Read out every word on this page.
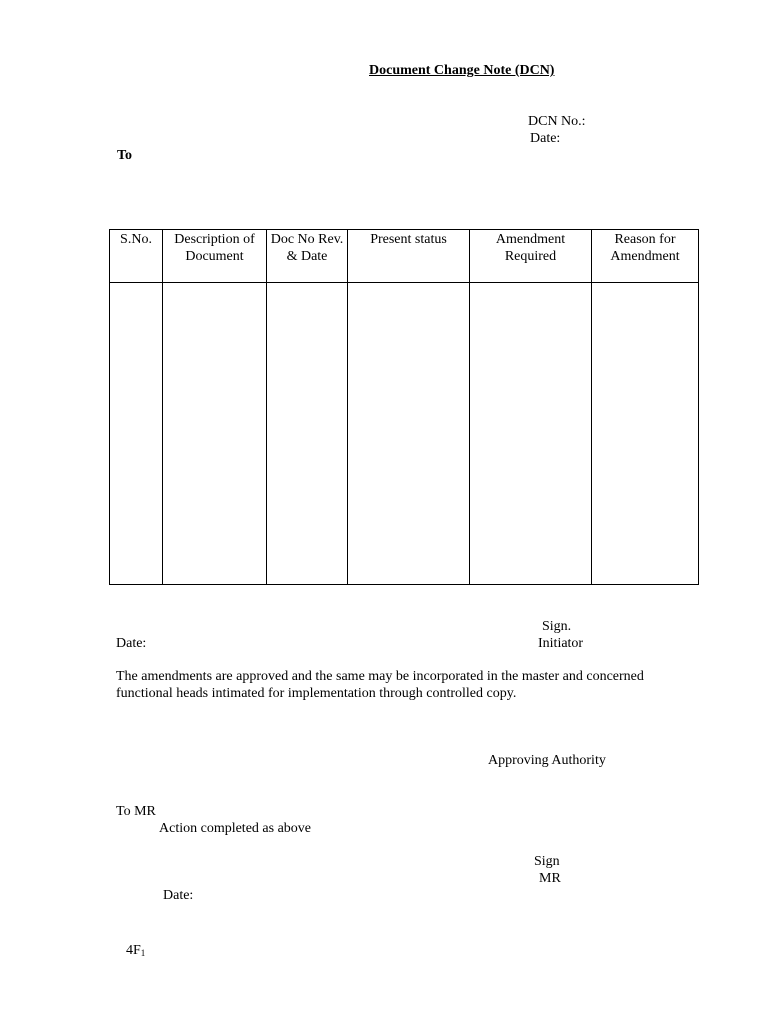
Document Change Note (DCN)
DCN No.:
Date:
To
S.No.	Description of Document	Doc No Rev. & Date	Present status	Amendment Required	Reason for Amendment

Sign.
Date:	Initiator
The amendments are approved and the same may be incorporated in the master and concerned functional heads intimated for implementation through controlled copy.
Approving Authority
To MR
Action completed as above
Sign
MR
Date:
$4F_1$
